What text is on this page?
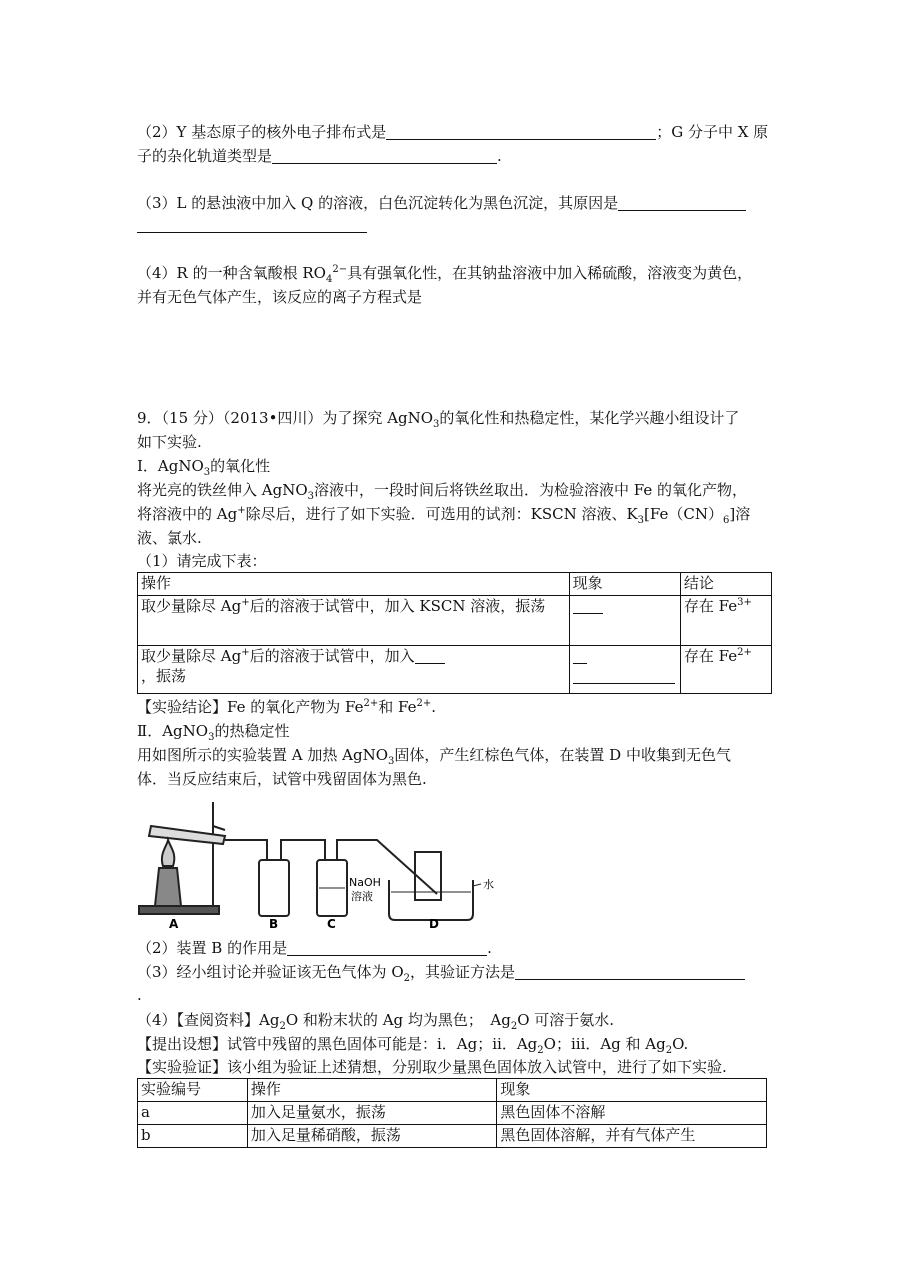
（2）Y 基态原子的核外电子排布式是	；G 分子中 X 原
子的杂化轨道类型是	.
（3）L 的悬浊液中加入 Q 的溶液，白色沉淀转化为黑色沉淀，其原因是
（4）R 的一种含氧酸根 $RO_4^{2-}$具有强氧化性，在其钠盐溶液中加入稀硫酸，溶液变为黄色，
并有无色气体产生，该反应的离子方程式是
9．（15 分）（2013•四川）为了探究 AgNO$_3$的氧化性和热稳定性，某化学兴趣小组设计了
如下实验.
Ⅰ．AgNO$_3$的氧化性
将光亮的铁丝伸入 AgNO$_3$溶液中，一段时间后将铁丝取出．为检验溶液中 Fe 的氧化产物，
将溶液中的 Ag+除尽后，进行了如下实验．可选用的试剂：KSCN 溶液、$K_3[Fe(CN)_6]$溶
液、氯水.
（1）请完成下表：
操作	现象	结论
取少量除尽 Ag+后的溶液于试管中，加入 KSCN 溶液，振荡		存在 $Fe^{3+}$
取少量除尽 Ag+后的溶液于试管中，加入
，振荡		存在 $Fe^{2+}$
【实验结论】Fe 的氧化产物为 $Fe^{2+}$和 $Fe^{2+}$.
Ⅱ．AgNO$_3$的热稳定性
用如图所示的实验装置 A 加热 AgNO$_3$固体，产生红棕色气体，在装置 D 中收集到无色气
体．当反应结束后，试管中残留固体为黑色.
A	B	C	D
NaOH
溶液
水
（2）装置 B 的作用是	.
（3）经小组讨论并验证该无色气体为 $O_2$，其验证方法是
.
（4）【查阅资料】$Ag_2O$ 和粉末状的 Ag 均为黑色；　$Ag_2O$ 可溶于氨水.
【提出设想】试管中残留的黑色固体可能是：ⅰ．Ag；ⅱ．$Ag_2O$；ⅲ．Ag 和 $Ag_2O$.
【实验验证】该小组为验证上述猜想，分别取少量黑色固体放入试管中，进行了如下实验.
实验编号	操作	现象
a	加入足量氨水，振荡	黑色固体不溶解
b	加入足量稀硝酸，振荡	黑色固体溶解，并有气体产生
